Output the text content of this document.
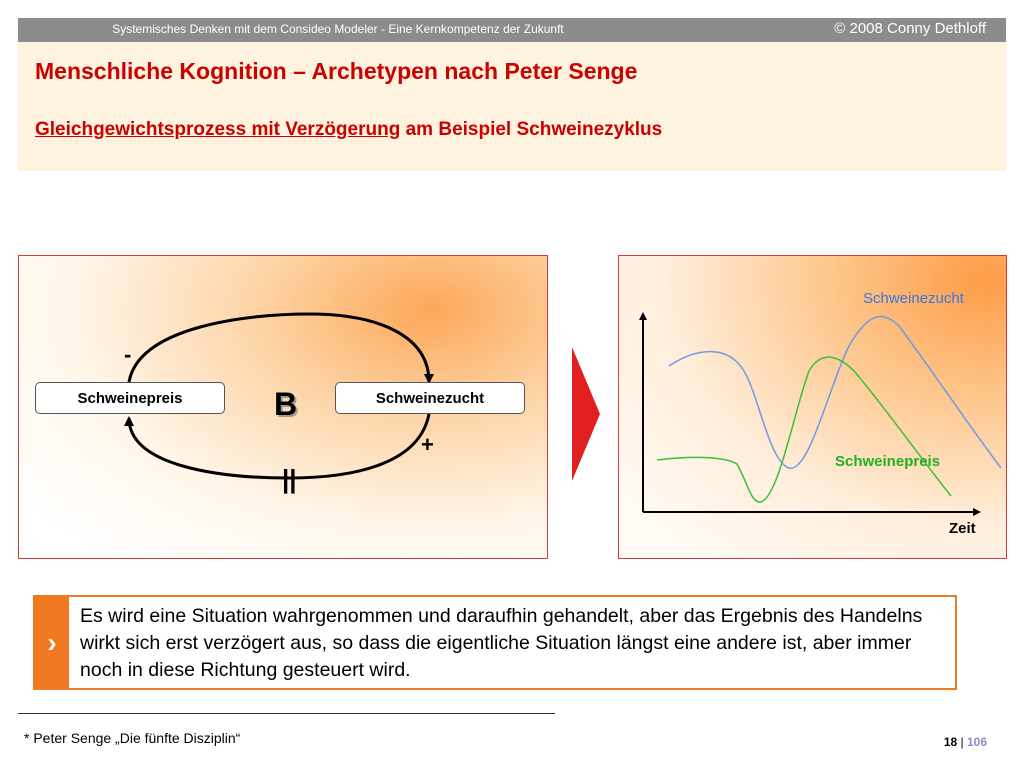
Systemisches Denken mit dem Consideo Modeler - Eine Kernkompetenz der Zukunft	© 2008 Conny Dethloff
Menschliche Kognition – Archetypen nach Peter Senge
Gleichgewichtsprozess mit Verzögerung am Beispiel Schweinezyklus
Schweinepreis	Schweinezucht
B
-
+
||
Schweinezucht
Schweinepreis
Zeit
›
Es wird eine Situation wahrgenommen und daraufhin gehandelt, aber das Ergebnis des Handelns wirkt sich erst verzögert aus, so dass die eigentliche Situation längst eine andere ist, aber immer noch in diese Richtung gesteuert wird.
* Peter Senge „Die fünfte Disziplin“	18 | 106
